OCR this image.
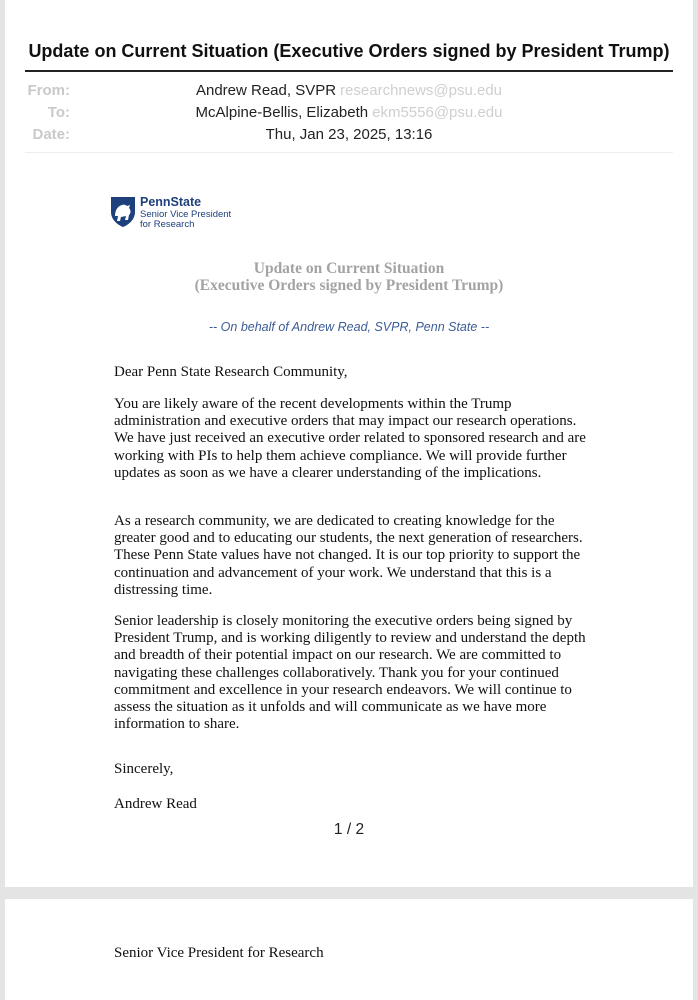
Update on Current Situation (Executive Orders signed by President Trump)
From:	Andrew Read, SVPR researchnews@psu.edu
To:	McAlpine-Bellis, Elizabeth ekm5556@psu.edu
Date:	Thu, Jan 23, 2025, 13:16
PennState
Senior Vice President
for Research
Update on Current Situation
(Executive Orders signed by President Trump)
-- On behalf of Andrew Read, SVPR, Penn State --

Dear Penn State Research Community,

You are likely aware of the recent developments within the Trump administration and executive orders that may impact our research operations. We have just received an executive order related to sponsored research and are working with PIs to help them achieve compliance. We will provide further updates as soon as we have a clearer understanding of the implications.

As a research community, we are dedicated to creating knowledge for the greater good and to educating our students, the next generation of researchers. These Penn State values have not changed. It is our top priority to support the continuation and advancement of your work. We understand that this is a distressing time.

Senior leadership is closely monitoring the executive orders being signed by President Trump, and is working diligently to review and understand the depth and breadth of their potential impact on our research. We are committed to navigating these challenges collaboratively. Thank you for your continued commitment and excellence in your research endeavors. We will continue to assess the situation as it unfolds and will communicate as we have more information to share.

Sincerely,

Andrew Read

1 / 2

Senior Vice President for Research
